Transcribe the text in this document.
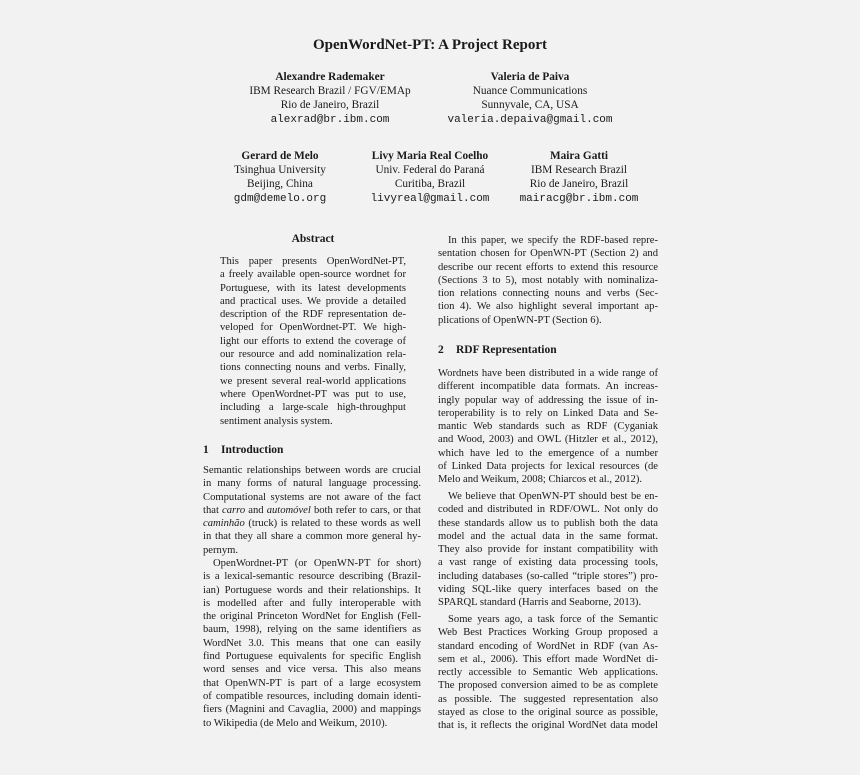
OpenWordNet-PT: A Project Report
Alexandre Rademaker
IBM Research Brazil / FGV/EMAp
Rio de Janeiro, Brazil
alexrad@br.ibm.com
Valeria de Paiva
Nuance Communications
Sunnyvale, CA, USA
valeria.depaiva@gmail.com
Gerard de Melo
Tsinghua University
Beijing, China
gdm@demelo.org
Livy Maria Real Coelho
Univ. Federal do Paraná
Curitiba, Brazil
livyreal@gmail.com
Maira Gatti
IBM Research Brazil
Rio de Janeiro, Brazil
mairacg@br.ibm.com
Abstract
This paper presents OpenWordNet-PT,
a freely available open-source wordnet for
Portuguese, with its latest developments
and practical uses. We provide a detailed
description of the RDF representation de-
veloped for OpenWordnet-PT. We high-
light our efforts to extend the coverage of
our resource and add nominalization rela-
tions connecting nouns and verbs. Finally,
we present several real-world applications
where OpenWordnet-PT was put to use,
including a large-scale high-throughput
sentiment analysis system.
1 Introduction
Semantic relationships between words are crucial
in many forms of natural language processing.
Computational systems are not aware of the fact
that carro and automóvel both refer to cars, or that
caminhão (truck) is related to these words as well
in that they all share a common more general hy-
pernym.
OpenWordnet-PT (or OpenWN-PT for short)
is a lexical-semantic resource describing (Brazil-
ian) Portuguese words and their relationships. It
is modelled after and fully interoperable with
the original Princeton WordNet for English (Fell-
baum, 1998), relying on the same identifiers as
WordNet 3.0. This means that one can easily
find Portuguese equivalents for specific English
word senses and vice versa. This also means
that OpenWN-PT is part of a large ecosystem
of compatible resources, including domain identi-
fiers (Magnini and Cavaglia, 2000) and mappings
to Wikipedia (de Melo and Weikum, 2010).
In this paper, we specify the RDF-based repre-
sentation chosen for OpenWN-PT (Section 2) and
describe our recent efforts to extend this resource
(Sections 3 to 5), most notably with nominaliza-
tion relations connecting nouns and verbs (Sec-
tion 4). We also highlight several important ap-
plications of OpenWN-PT (Section 6).
2 RDF Representation
Wordnets have been distributed in a wide range of
different incompatible data formats. An increas-
ingly popular way of addressing the issue of in-
teroperability is to rely on Linked Data and Se-
mantic Web standards such as RDF (Cyganiak
and Wood, 2003) and OWL (Hitzler et al., 2012),
which have led to the emergence of a number
of Linked Data projects for lexical resources (de
Melo and Weikum, 2008; Chiarcos et al., 2012).
We believe that OpenWN-PT should best be en-
coded and distributed in RDF/OWL. Not only do
these standards allow us to publish both the data
model and the actual data in the same format.
They also provide for instant compatibility with
a vast range of existing data processing tools,
including databases (so-called “triple stores”) pro-
viding SQL-like query interfaces based on the
SPARQL standard (Harris and Seaborne, 2013).
Some years ago, a task force of the Semantic
Web Best Practices Working Group proposed a
standard encoding of WordNet in RDF (van As-
sem et al., 2006). This effort made WordNet di-
rectly accessible to Semantic Web applications.
The proposed conversion aimed to be as complete
as possible. The suggested representation also
stayed as close to the original source as possible,
that is, it reflects the original WordNet data model
